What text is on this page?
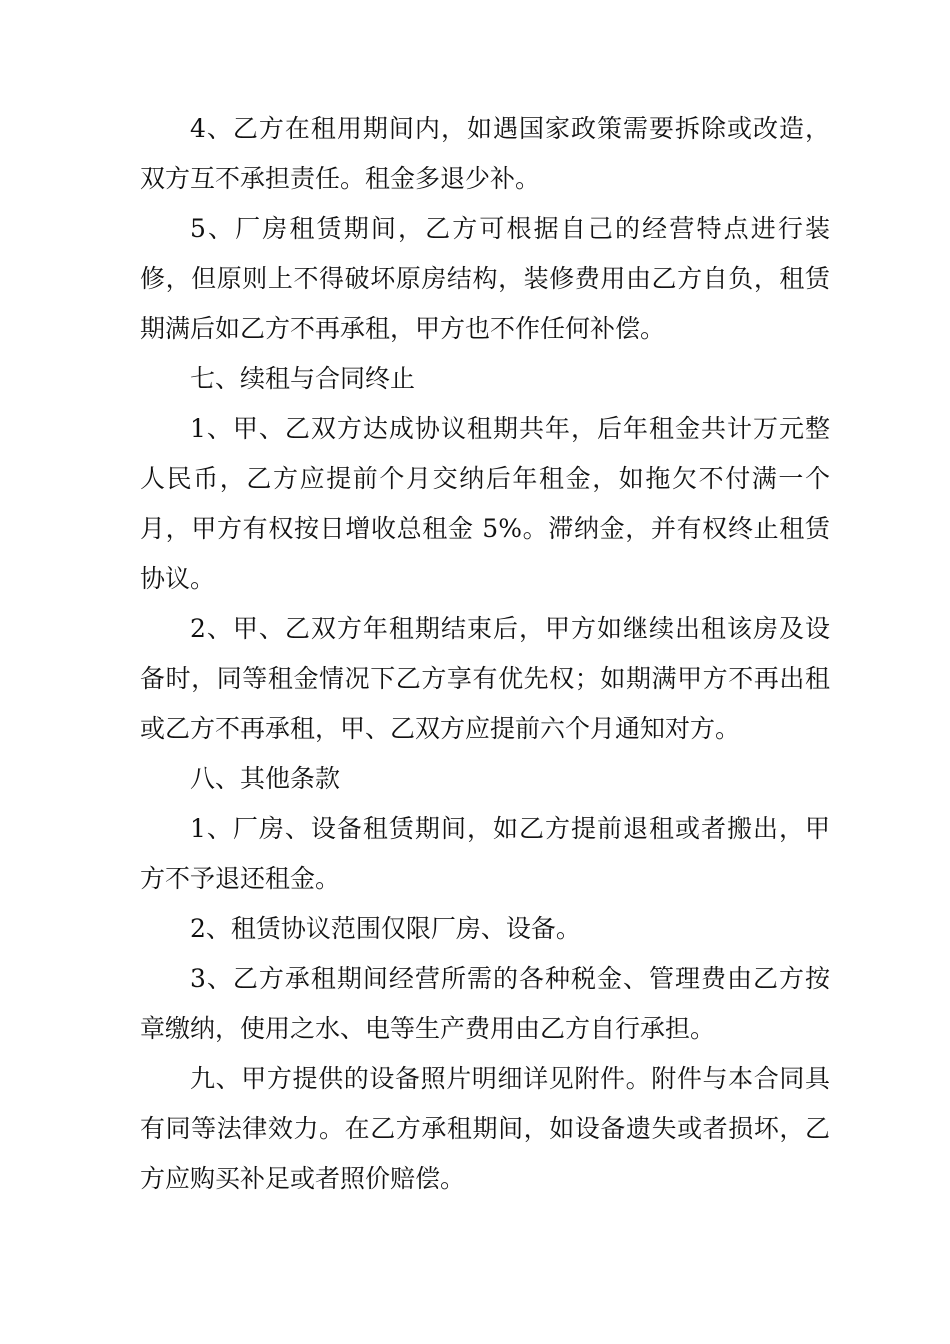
4、乙方在租用期间内，如遇国家政策需要拆除或改造，双方互不承担责任。租金多退少补。

5、厂房租赁期间，乙方可根据自己的经营特点进行装修，但原则上不得破坏原房结构，装修费用由乙方自负，租赁期满后如乙方不再承租，甲方也不作任何补偿。

七、续租与合同终止

1、甲、乙双方达成协议租期共年，后年租金共计万元整人民币，乙方应提前个月交纳后年租金，如拖欠不付满一个月，甲方有权按日增收总租金 5%。滞纳金，并有权终止租赁协议。

2、甲、乙双方年租期结束后，甲方如继续出租该房及设备时，同等租金情况下乙方享有优先权；如期满甲方不再出租或乙方不再承租，甲、乙双方应提前六个月通知对方。

八、其他条款

1、厂房、设备租赁期间，如乙方提前退租或者搬出，甲方不予退还租金。

2、租赁协议范围仅限厂房、设备。

3、乙方承租期间经营所需的各种税金、管理费由乙方按章缴纳，使用之水、电等生产费用由乙方自行承担。

九、甲方提供的设备照片明细详见附件。附件与本合同具有同等法律效力。在乙方承租期间，如设备遗失或者损坏，乙方应购买补足或者照价赔偿。
